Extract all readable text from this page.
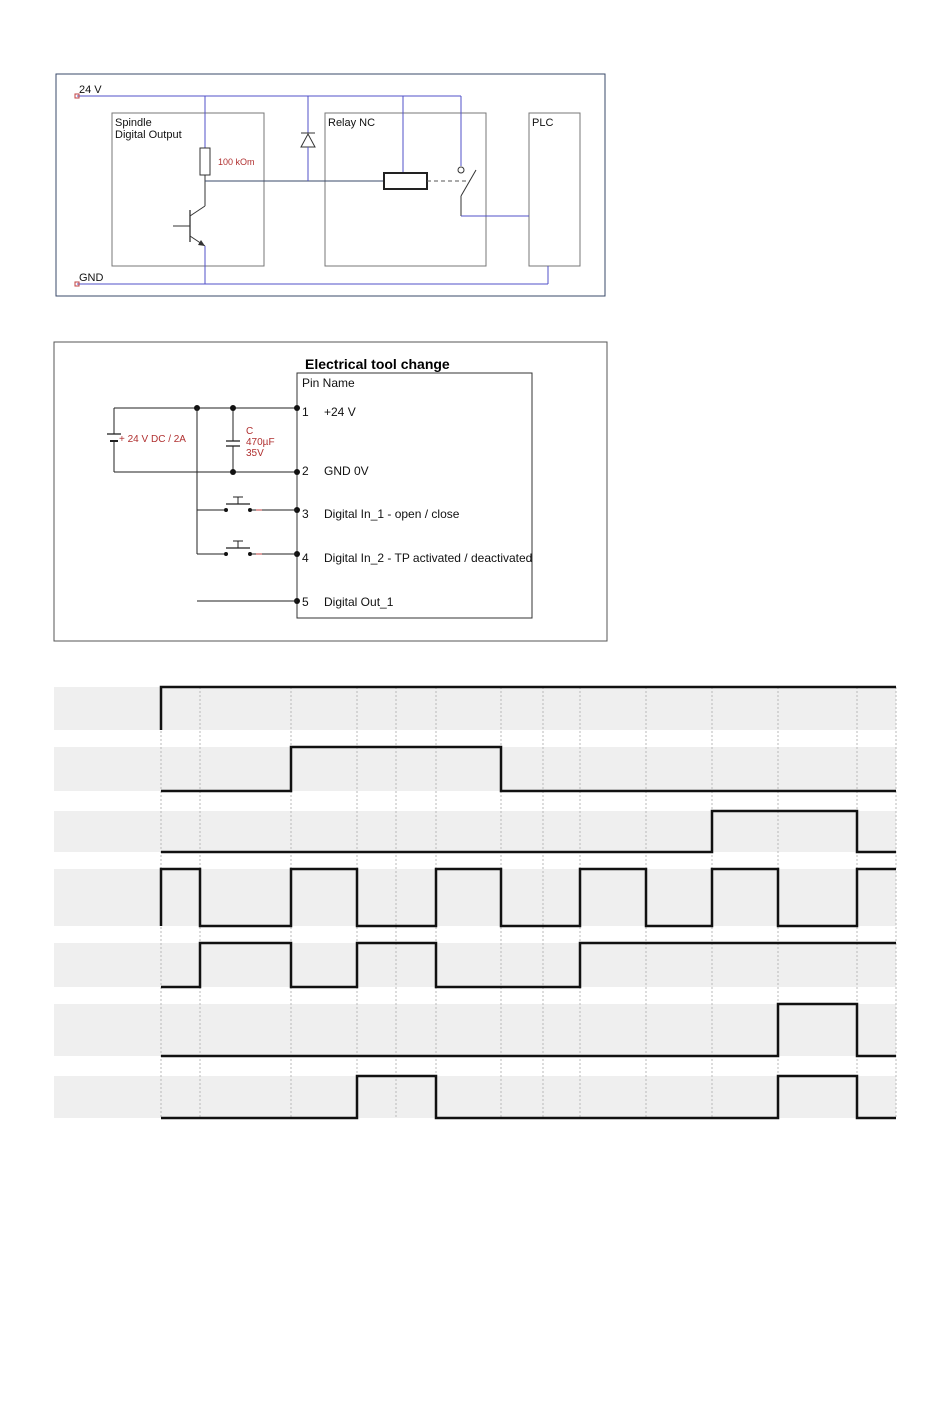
24 V
GND
Spindle
Digital Output
Relay NC	PLC
100 kOm
Electrical tool change
Pin Name
1 +24 V
2 GND 0V
3 Digital In_1 - open / close
4 Digital In_2 - TP activated / deactivated
5 Digital Out_1
+ 24 V DC / 2A
C
470µF
35V
